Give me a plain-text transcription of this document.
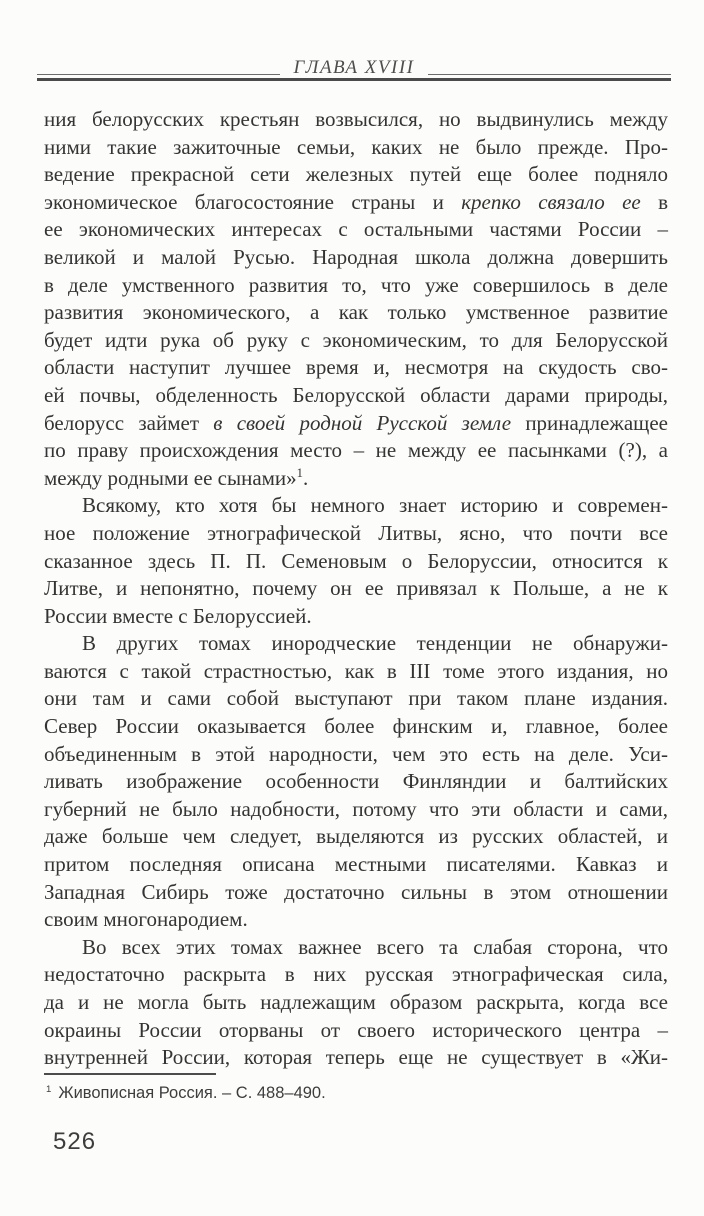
ГЛАВА XVIII
ния белорусских крестьян возвысился, но выдвинулись между
ними такие зажиточные семьи, каких не было прежде. Про-
ведение прекрасной сети железных путей еще более подняло
экономическое благосостояние страны и крепко связало ее в
ее экономических интересах с остальными частями России –
великой и малой Русью. Народная школа должна довершить
в деле умственного развития то, что уже совершилось в деле
развития экономического, а как только умственное развитие
будет идти рука об руку с экономическим, то для Белорусской
области наступит лучшее время и, несмотря на скудость сво-
ей почвы, обделенность Белорусской области дарами природы,
белорусс займет в своей родной Русской земле принадлежащее
по праву происхождения место – не между ее пасынками (?), а
между родными ее сынами»$^1$.
Всякому, кто хотя бы немного знает историю и современ-
ное положение этнографической Литвы, ясно, что почти все
сказанное здесь П. П. Семеновым о Белоруссии, относится к
Литве, и непонятно, почему он ее привязал к Польше, а не к
России вместе с Белоруссией.
В других томах инородческие тенденции не обнаружи-
ваются с такой страстностью, как в III томе этого издания, но
они там и сами собой выступают при таком плане издания.
Север России оказывается более финским и, главное, более
объединенным в этой народности, чем это есть на деле. Уси-
ливать изображение особенности Финляндии и балтийских
губерний не было надобности, потому что эти области и сами,
даже больше чем следует, выделяются из русских областей, и
притом последняя описана местными писателями. Кавказ и
Западная Сибирь тоже достаточно сильны в этом отношении
своим многонародием.
Во всех этих томах важнее всего та слабая сторона, что
недостаточно раскрыта в них русская этнографическая сила,
да и не могла быть надлежащим образом раскрыта, когда все
окраины России оторваны от своего исторического центра –
внутренней России, которая теперь еще не существует в «Жи-
$^1$ Живописная Россия. – С. 488–490.
526
